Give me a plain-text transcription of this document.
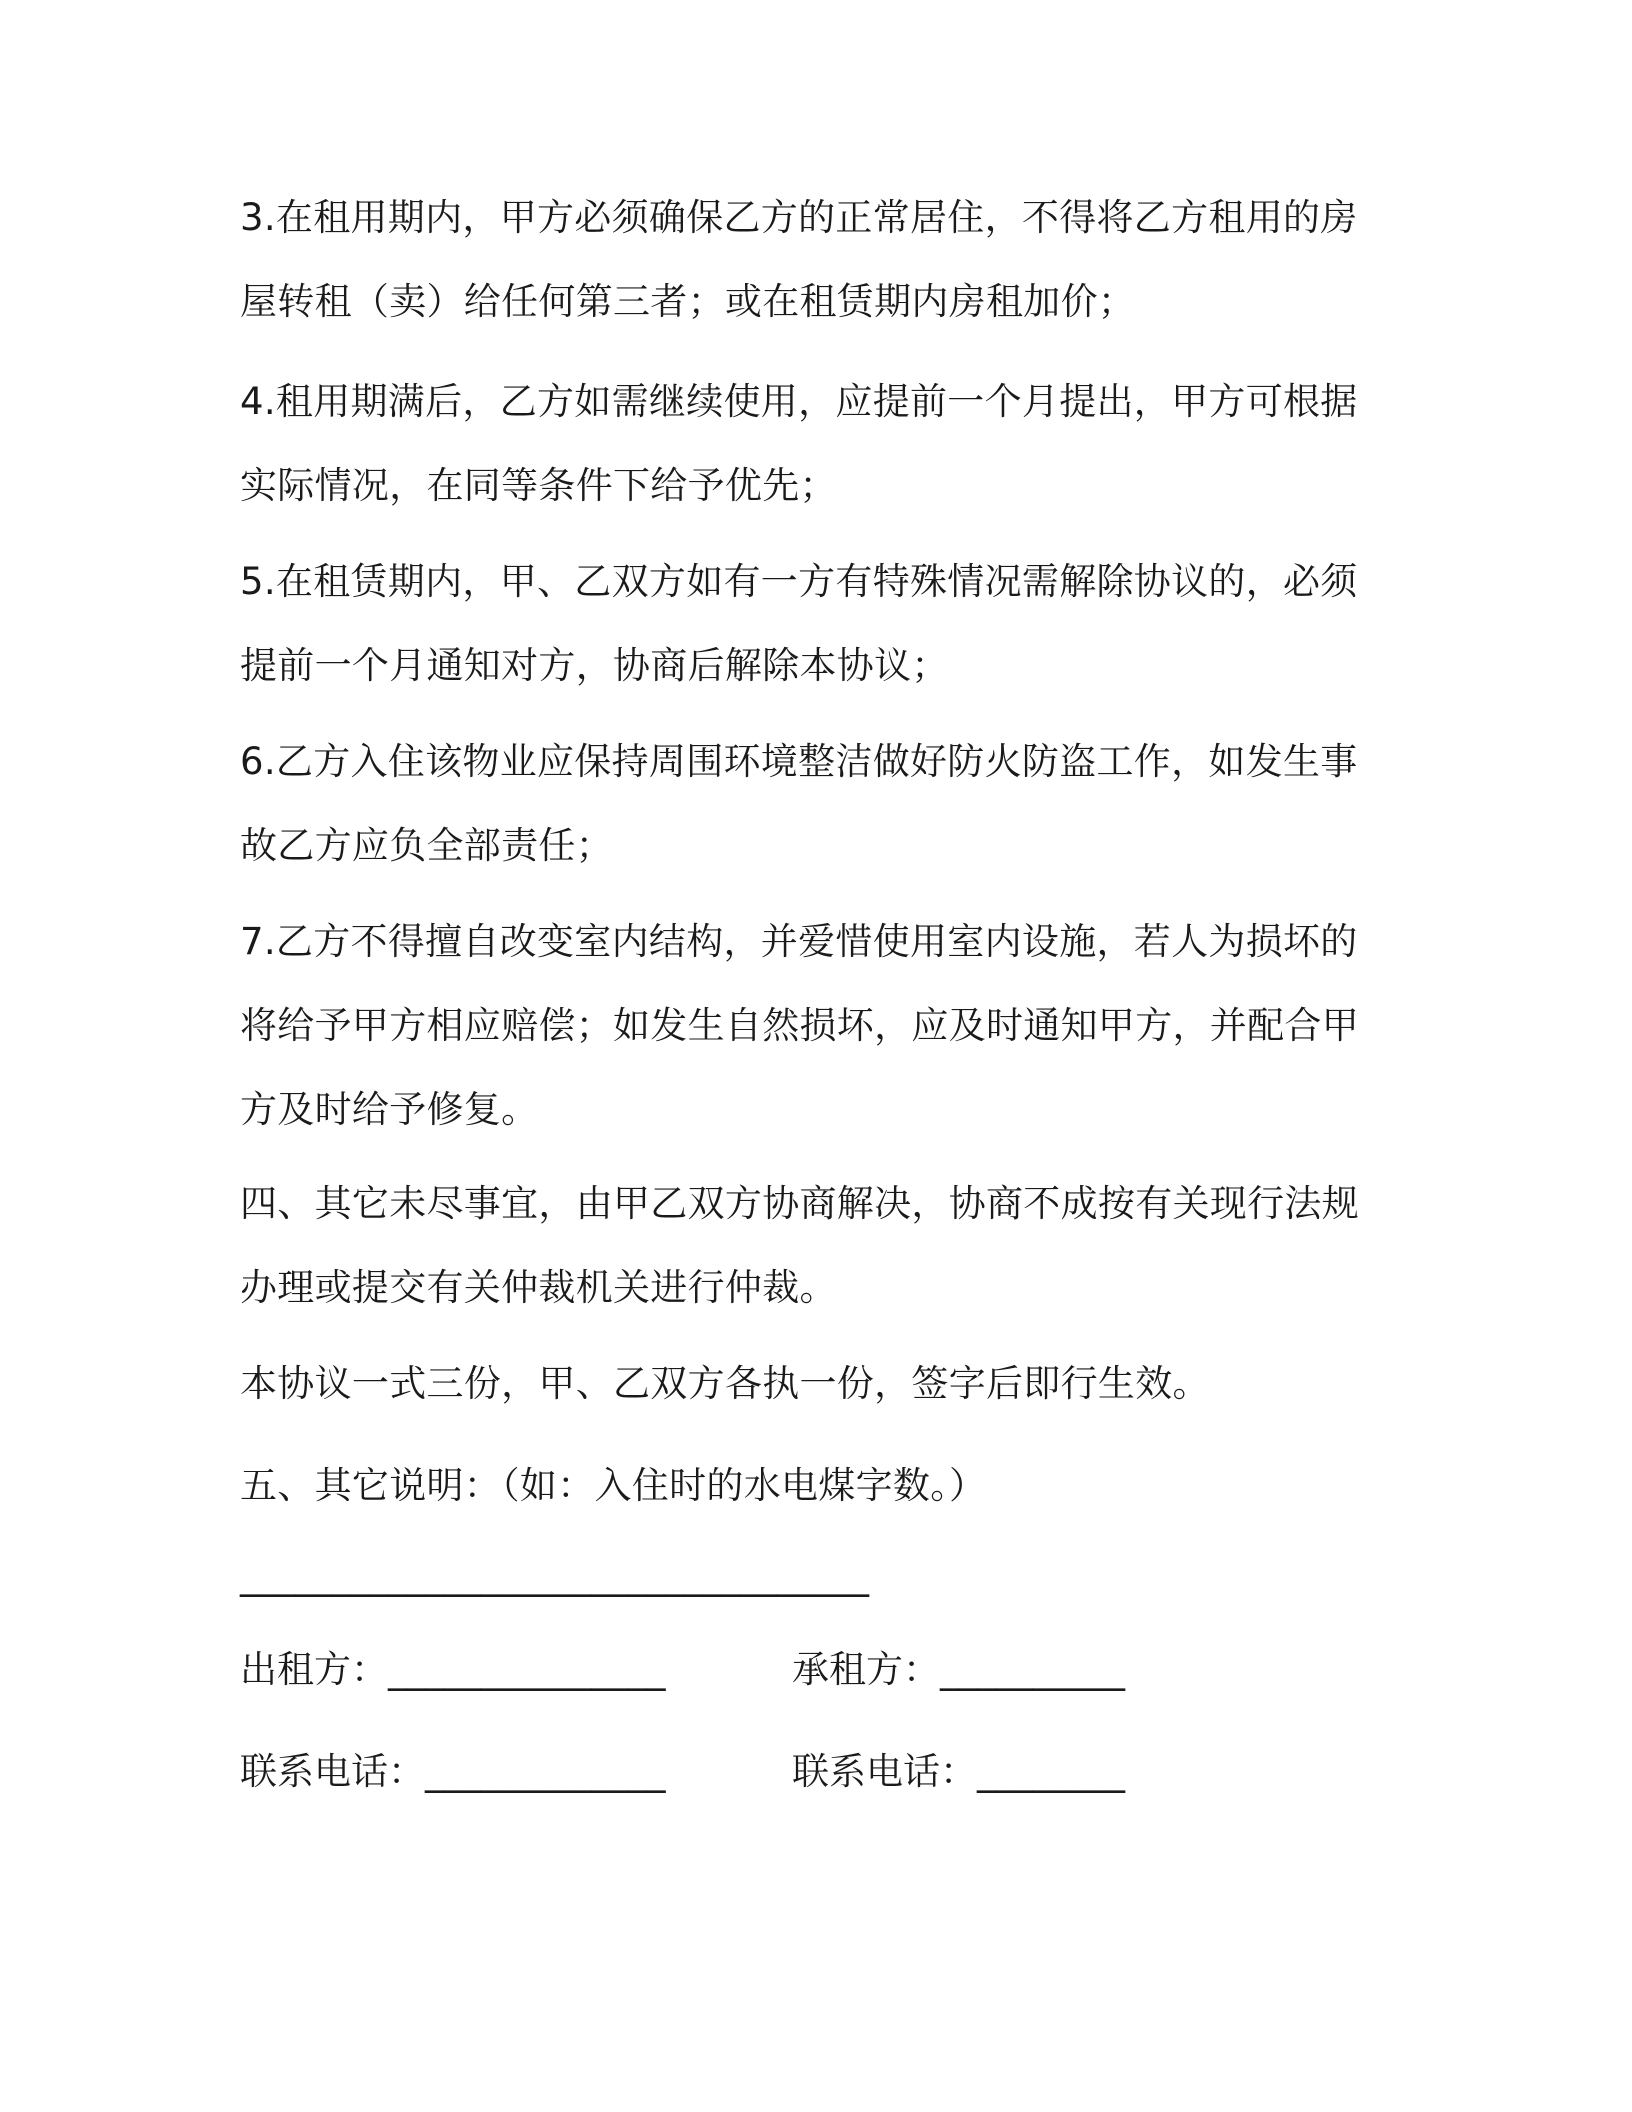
3.在租用期内，甲方必须确保乙方的正常居住，不得将乙方租用的房
屋转租（卖）给任何第三者；或在租赁期内房租加价；
4.租用期满后，乙方如需继续使用，应提前一个月提出，甲方可根据
实际情况，在同等条件下给予优先；
5.在租赁期内，甲、乙双方如有一方有特殊情况需解除协议的，必须
提前一个月通知对方，协商后解除本协议；
6.乙方入住该物业应保持周围环境整洁做好防火防盗工作，如发生事
故乙方应负全部责任；
7.乙方不得擅自改变室内结构，并爱惜使用室内设施，若人为损坏的
将给予甲方相应赔偿；如发生自然损坏，应及时通知甲方，并配合甲
方及时给予修复。
四、其它未尽事宜，由甲乙双方协商解决，协商不成按有关现行法规
办理或提交有关仲裁机关进行仲裁。
本协议一式三份，甲、乙双方各执一份，签字后即行生效。
五、其它说明：（如：入住时的水电煤字数。）
__________________________________
出租方：_______________	承租方：__________
联系电话：_____________	联系电话：________
